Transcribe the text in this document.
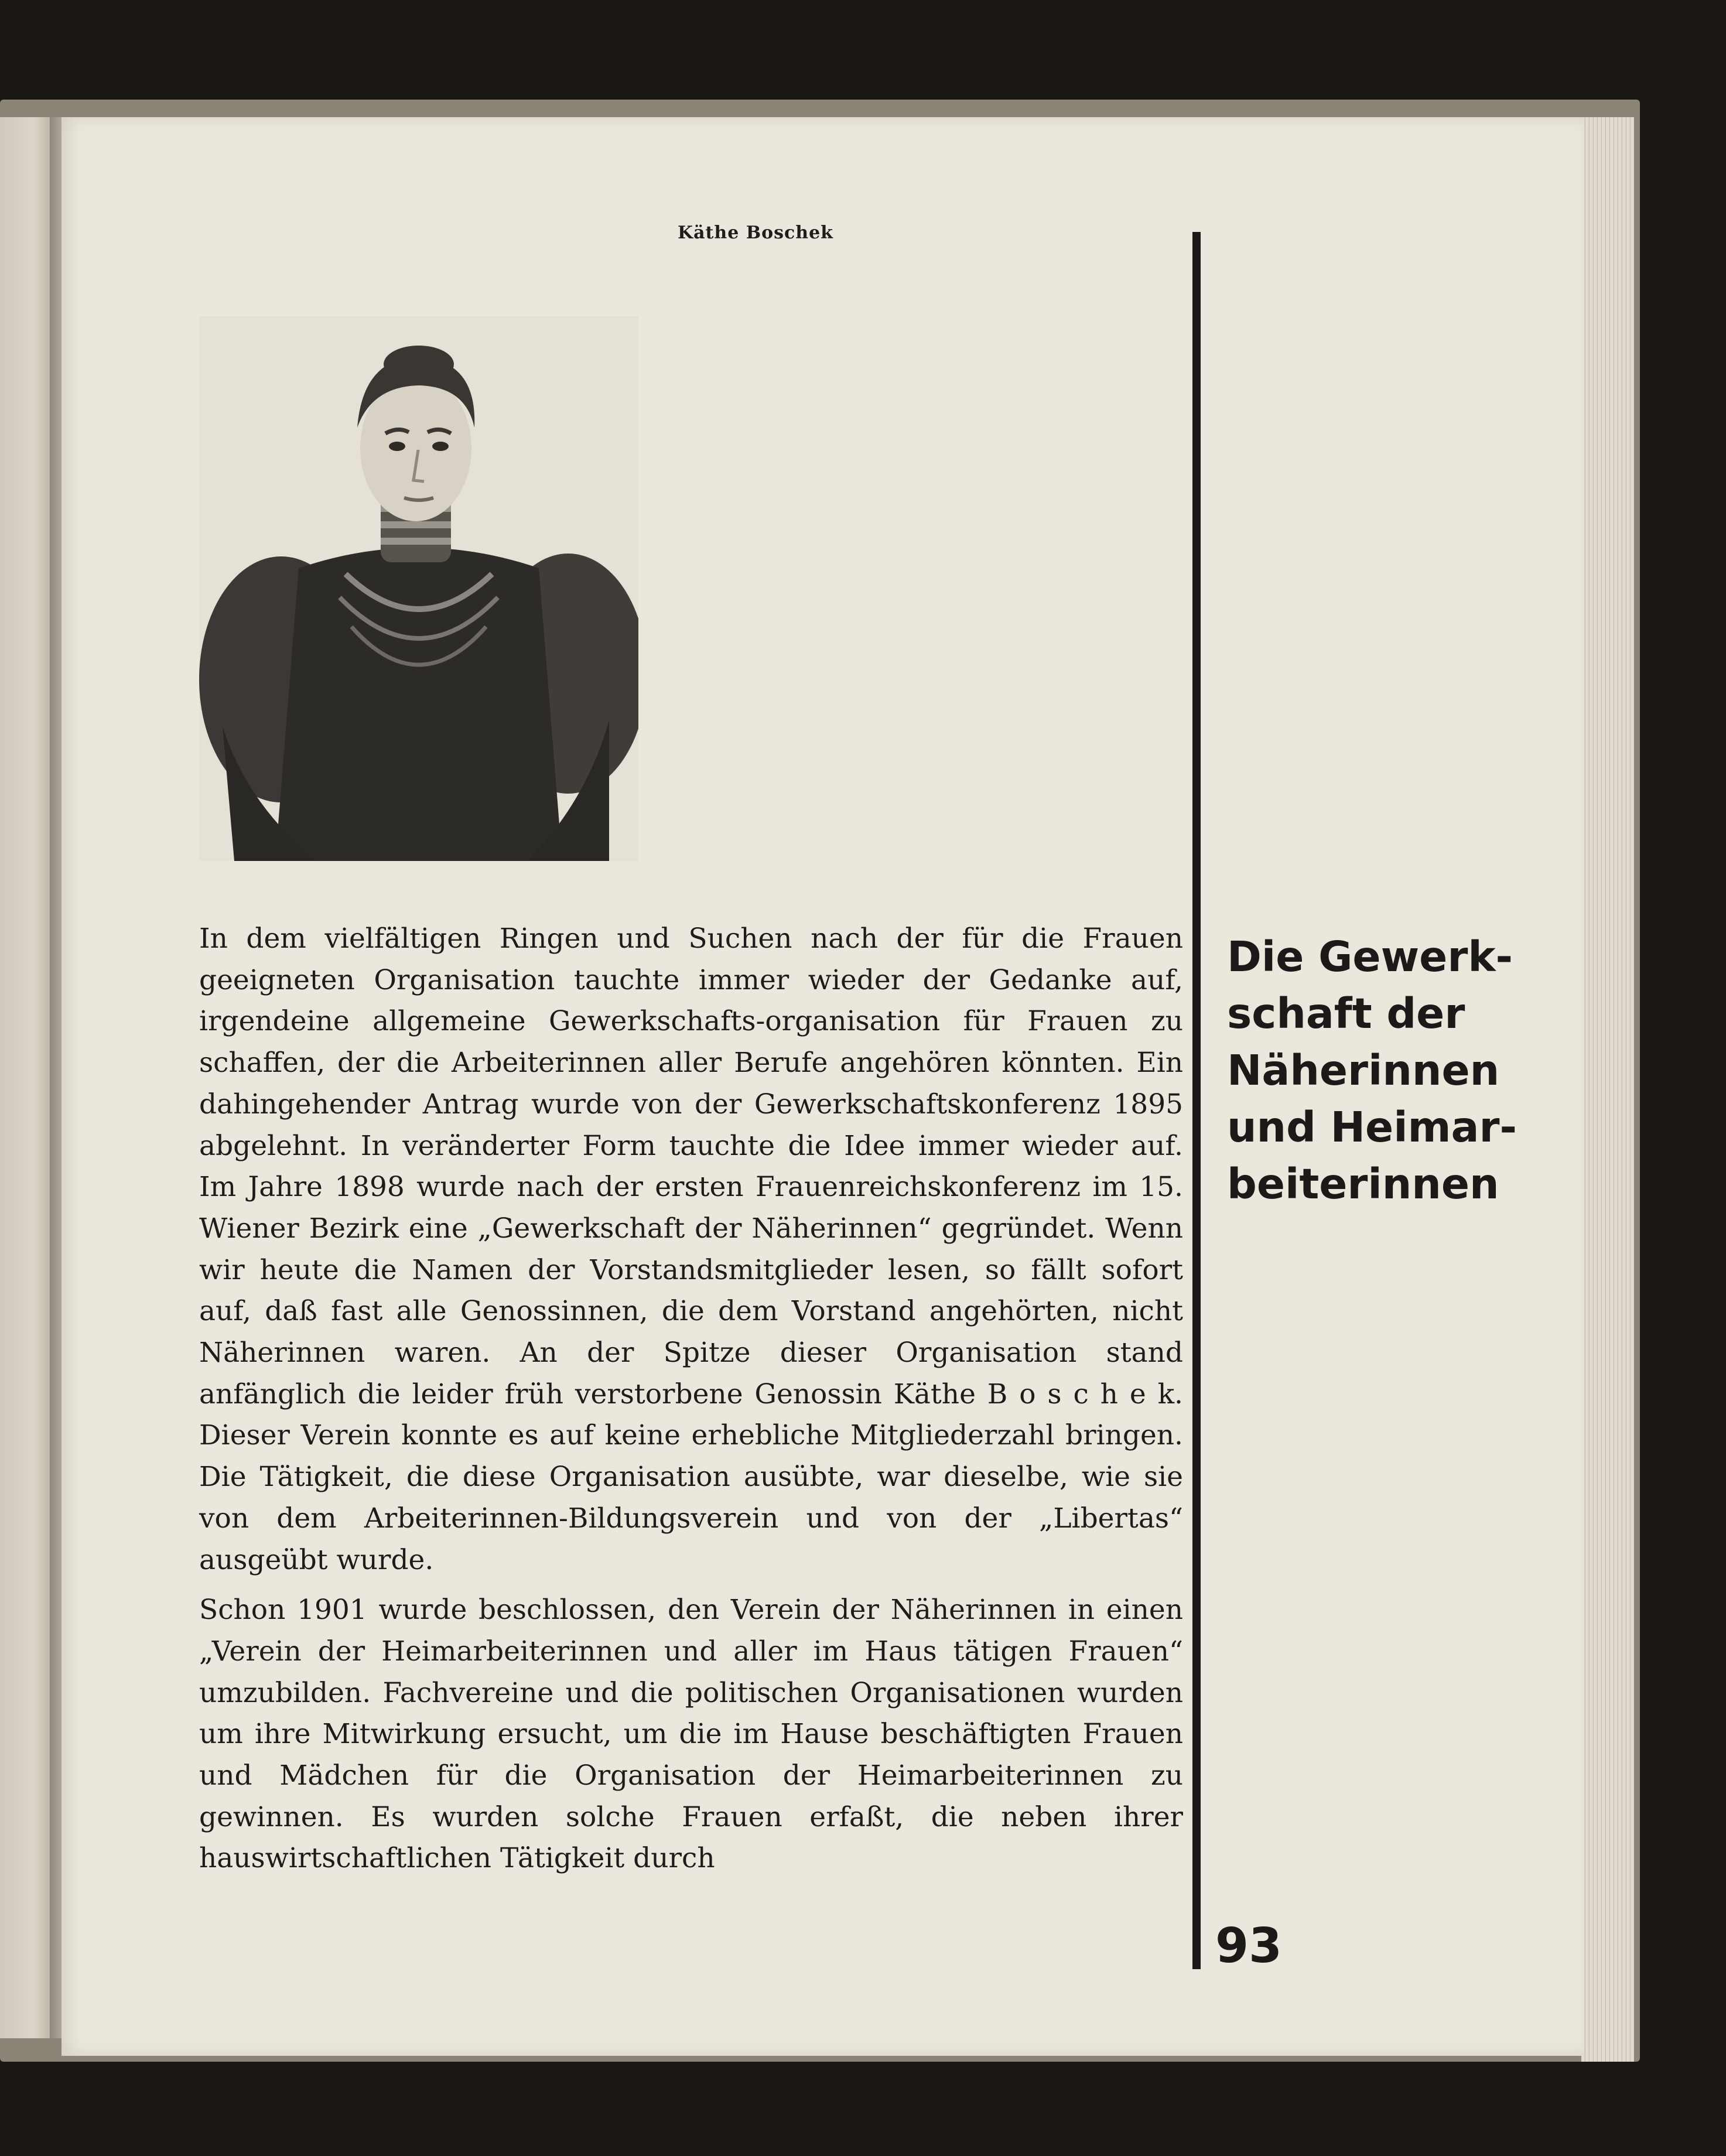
Käthe Boschek

In dem vielfältigen Ringen und Suchen nach der für die Frauen geeigneten Organisation tauchte immer wieder der Gedanke auf, irgendeine allgemeine Gewerkschafts-organisation für Frauen zu schaffen, der die Arbeiterinnen aller Berufe angehören könnten. Ein dahingehender Antrag wurde von der Gewerkschaftskonferenz 1895 abgelehnt. In veränderter Form tauchte die Idee immer wieder auf. Im Jahre 1898 wurde nach der ersten Frauenreichskonferenz im 15. Wiener Bezirk eine „Gewerkschaft der Näherinnen“ gegründet. Wenn wir heute die Namen der Vorstandsmitglieder lesen, so fällt sofort auf, daß fast alle Genossinnen, die dem Vorstand angehörten, nicht Näherinnen waren. An der Spitze dieser Organisation stand anfänglich die leider früh verstorbene Genossin Käthe B o s c h e k. Dieser Verein konnte es auf keine erhebliche Mitgliederzahl bringen. Die Tätigkeit, die diese Organisation ausübte, war dieselbe, wie sie von dem Arbeiterinnen-Bildungsverein und von der „Libertas“ ausgeübt wurde.

Schon 1901 wurde beschlossen, den Verein der Näherinnen in einen „Verein der Heimarbeiterinnen und aller im Haus tätigen Frauen“ umzubilden. Fachvereine und die politischen Organisationen wurden um ihre Mitwirkung ersucht, um die im Hause beschäftigten Frauen und Mädchen für die Organisation der Heimarbeiterinnen zu gewinnen. Es wurden solche Frauen erfaßt, die neben ihrer hauswirtschaftlichen Tätigkeit durch

Die Gewerk-
schaft der
Näherinnen
und Heimar-
beiterinnen
93
